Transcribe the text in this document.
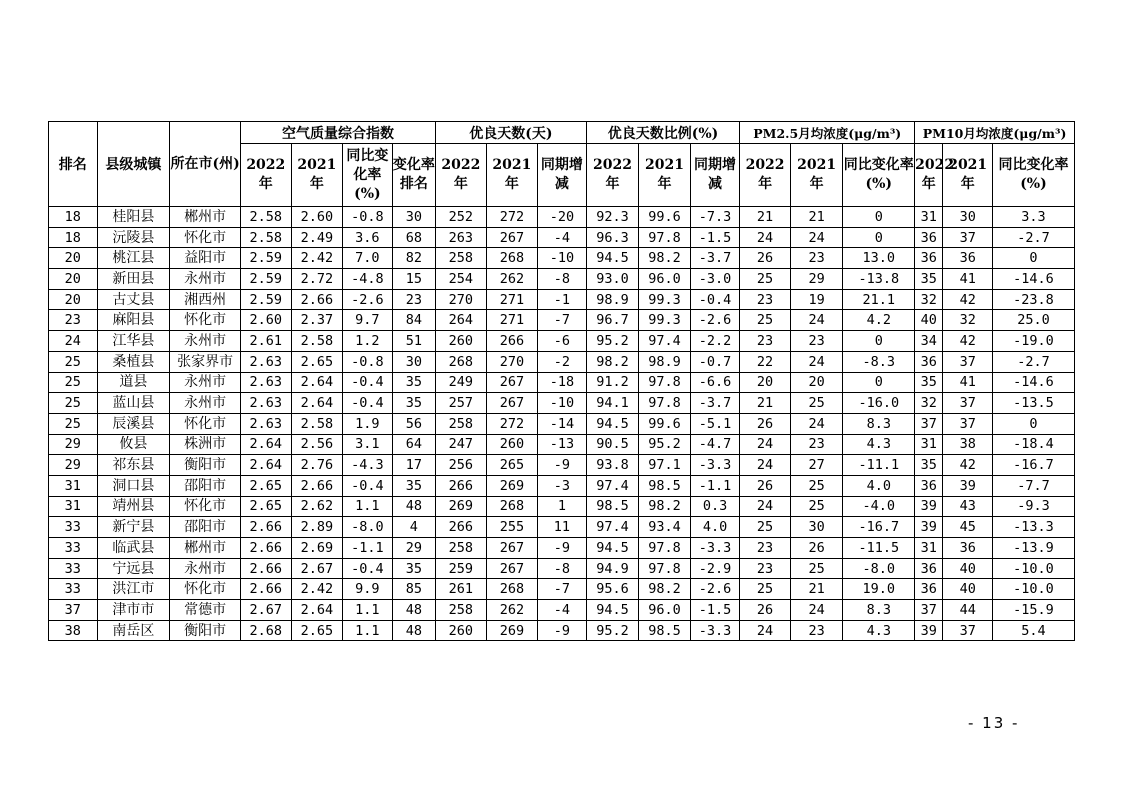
排名	县级城镇	所在市(州)	空气质量综合指数				优良天数(天)			优良天数比例(%)			PM2.5月均浓度(μg/m³)			PM10月均浓度(μg/m³)		
			2022年	2021年	同比变化率(%)	变化率排名	2022年	2021年	同期增减	2022年	2021年	同期增减	2022年	2021年	同比变化率(%)	2022年	2021年	同比变化率(%)
18	桂阳县	郴州市	2.58	2.60	-0.8	30	252	272	-20	92.3	99.6	-7.3	21	21	0	31	30	3.3
18	沅陵县	怀化市	2.58	2.49	3.6	68	263	267	-4	96.3	97.8	-1.5	24	24	0	36	37	-2.7
20	桃江县	益阳市	2.59	2.42	7.0	82	258	268	-10	94.5	98.2	-3.7	26	23	13.0	36	36	0
20	新田县	永州市	2.59	2.72	-4.8	15	254	262	-8	93.0	96.0	-3.0	25	29	-13.8	35	41	-14.6
20	古丈县	湘西州	2.59	2.66	-2.6	23	270	271	-1	98.9	99.3	-0.4	23	19	21.1	32	42	-23.8
23	麻阳县	怀化市	2.60	2.37	9.7	84	264	271	-7	96.7	99.3	-2.6	25	24	4.2	40	32	25.0
24	江华县	永州市	2.61	2.58	1.2	51	260	266	-6	95.2	97.4	-2.2	23	23	0	34	42	-19.0
25	桑植县	张家界市	2.63	2.65	-0.8	30	268	270	-2	98.2	98.9	-0.7	22	24	-8.3	36	37	-2.7
25	道县	永州市	2.63	2.64	-0.4	35	249	267	-18	91.2	97.8	-6.6	20	20	0	35	41	-14.6
25	蓝山县	永州市	2.63	2.64	-0.4	35	257	267	-10	94.1	97.8	-3.7	21	25	-16.0	32	37	-13.5
25	辰溪县	怀化市	2.63	2.58	1.9	56	258	272	-14	94.5	99.6	-5.1	26	24	8.3	37	37	0
29	攸县	株洲市	2.64	2.56	3.1	64	247	260	-13	90.5	95.2	-4.7	24	23	4.3	31	38	-18.4
29	祁东县	衡阳市	2.64	2.76	-4.3	17	256	265	-9	93.8	97.1	-3.3	24	27	-11.1	35	42	-16.7
31	洞口县	邵阳市	2.65	2.66	-0.4	35	266	269	-3	97.4	98.5	-1.1	26	25	4.0	36	39	-7.7
31	靖州县	怀化市	2.65	2.62	1.1	48	269	268	1	98.5	98.2	0.3	24	25	-4.0	39	43	-9.3
33	新宁县	邵阳市	2.66	2.89	-8.0	4	266	255	11	97.4	93.4	4.0	25	30	-16.7	39	45	-13.3
33	临武县	郴州市	2.66	2.69	-1.1	29	258	267	-9	94.5	97.8	-3.3	23	26	-11.5	31	36	-13.9
33	宁远县	永州市	2.66	2.67	-0.4	35	259	267	-8	94.9	97.8	-2.9	23	25	-8.0	36	40	-10.0
33	洪江市	怀化市	2.66	2.42	9.9	85	261	268	-7	95.6	98.2	-2.6	25	21	19.0	36	40	-10.0
37	津市市	常德市	2.67	2.64	1.1	48	258	262	-4	94.5	96.0	-1.5	26	24	8.3	37	44	-15.9
38	南岳区	衡阳市	2.68	2.65	1.1	48	260	269	-9	95.2	98.5	-3.3	24	23	4.3	39	37	5.4
- 13 -
